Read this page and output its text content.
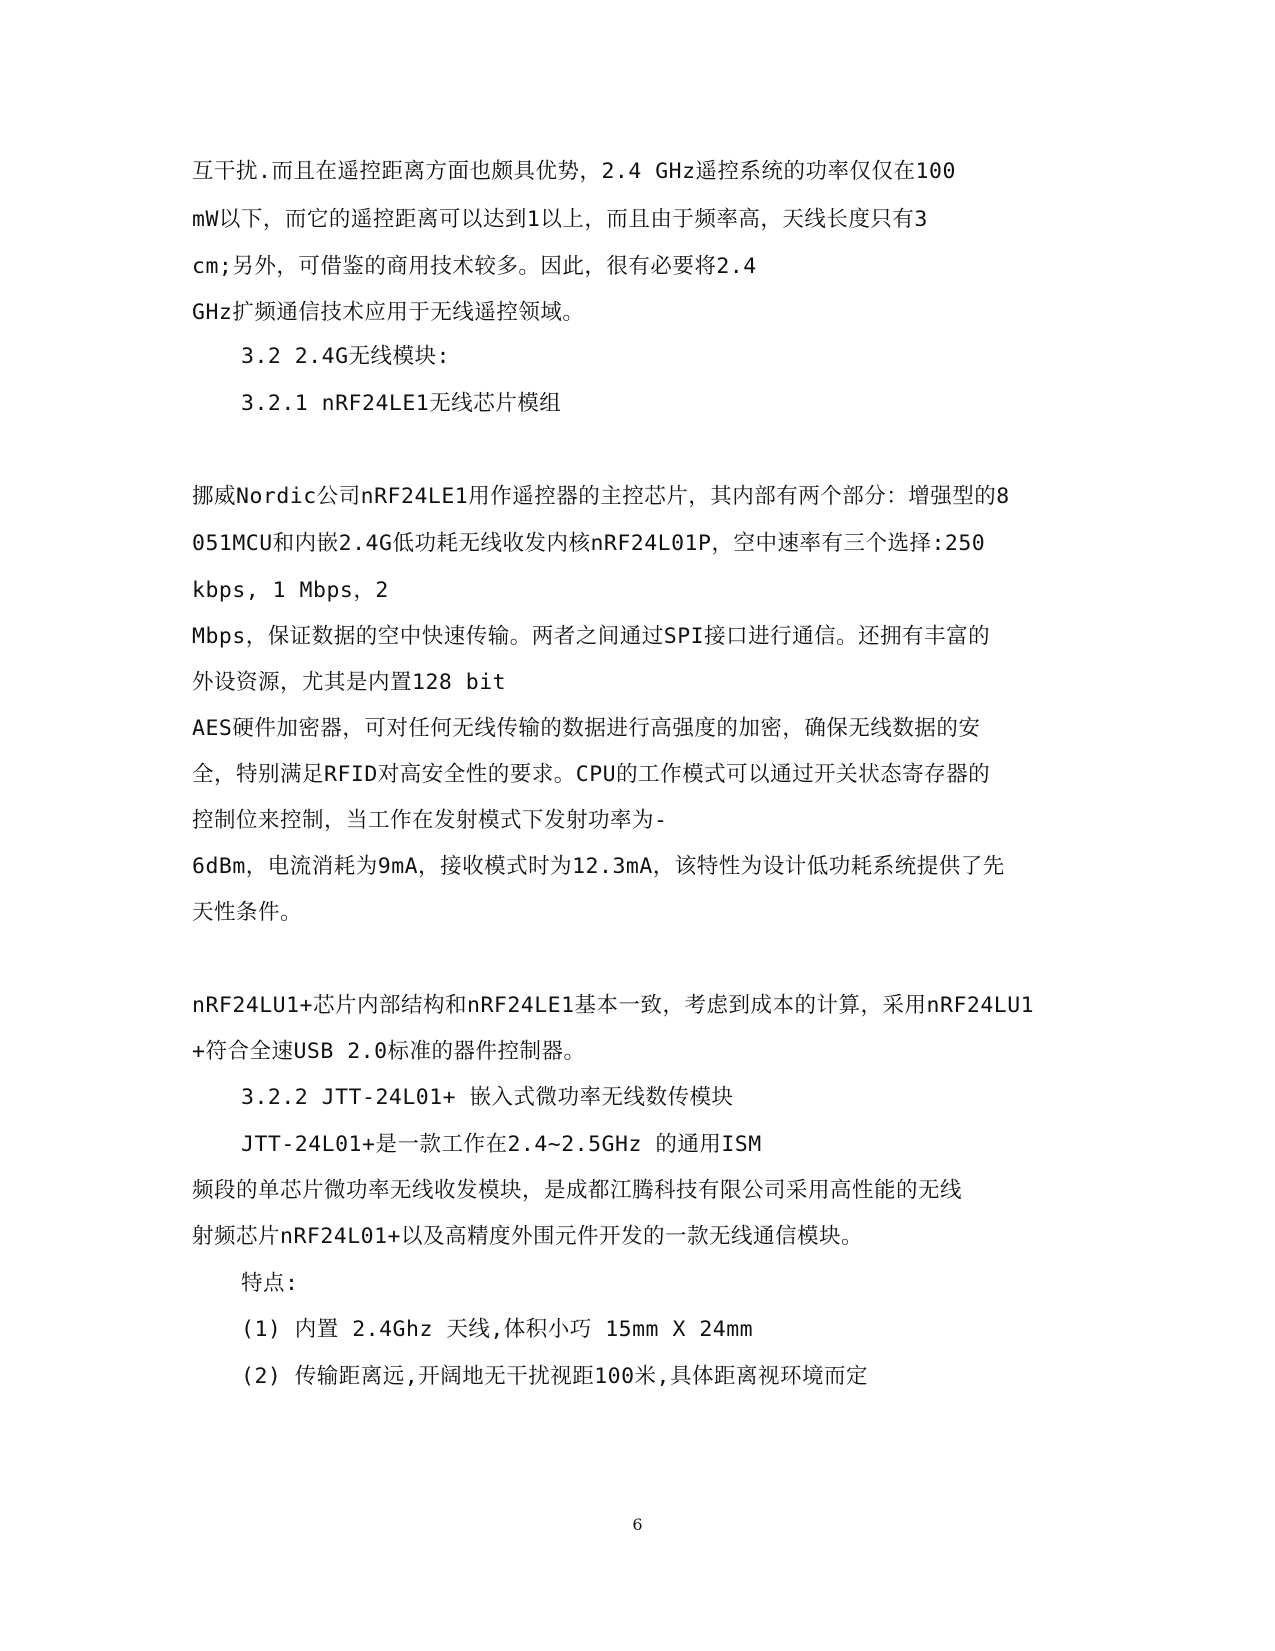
互干扰.而且在遥控距离方面也颇具优势，2.4 GHz遥控系统的功率仅仅在100
mW以下，而它的遥控距离可以达到1以上，而且由于频率高，天线长度只有3
cm;另外，可借鉴的商用技术较多。因此，很有必要将2.4
GHz扩频通信技术应用于无线遥控领域。
3.2 2.4G无线模块:
3.2.1 nRF24LE1无线芯片模组
挪威Nordic公司nRF24LE1用作遥控器的主控芯片，其内部有两个部分：增强型的8
051MCU和内嵌2.4G低功耗无线收发内核nRF24L01P，空中速率有三个选择:250
kbps, 1 Mbps，2
Mbps，保证数据的空中快速传输。两者之间通过SPI接口进行通信。还拥有丰富的
外设资源，尤其是内置128 bit
AES硬件加密器，可对任何无线传输的数据进行高强度的加密，确保无线数据的安
全，特别满足RFID对高安全性的要求。CPU的工作模式可以通过开关状态寄存器的
控制位来控制，当工作在发射模式下发射功率为-
6dBm，电流消耗为9mA，接收模式时为12.3mA，该特性为设计低功耗系统提供了先
天性条件。
nRF24LU1+芯片内部结构和nRF24LE1基本一致，考虑到成本的计算，采用nRF24LU1
+符合全速USB 2.0标准的器件控制器。
3.2.2 JTT-24L01+ 嵌入式微功率无线数传模块
JTT-24L01+是一款工作在2.4~2.5GHz 的通用ISM
频段的单芯片微功率无线收发模块，是成都江腾科技有限公司采用高性能的无线
射频芯片nRF24L01+以及高精度外围元件开发的一款无线通信模块。
特点:
(1) 内置 2.4Ghz 天线,体积小巧 15mm X 24mm
(2) 传输距离远,开阔地无干扰视距100米,具体距离视环境而定
6
